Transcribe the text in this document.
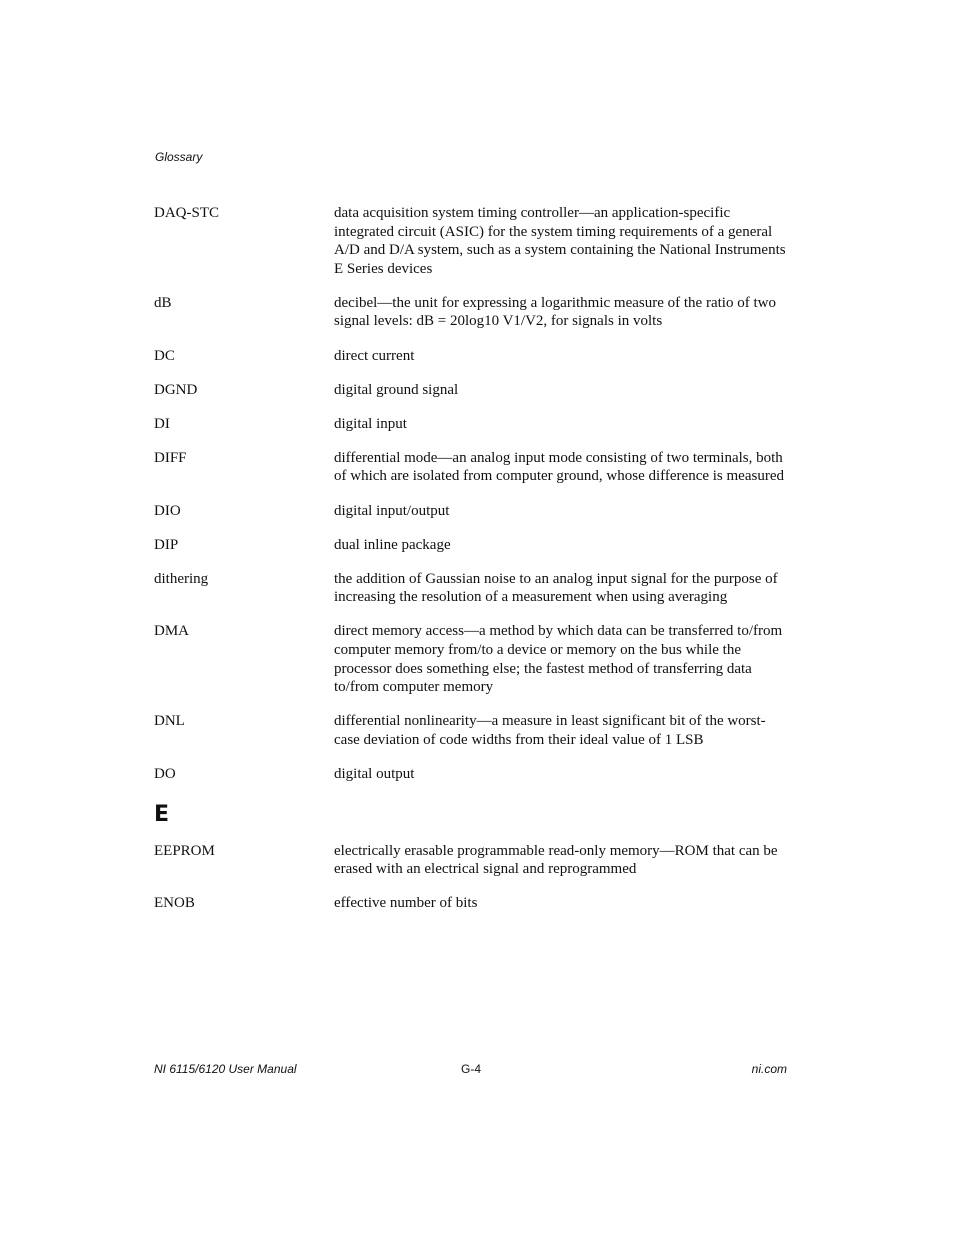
Glossary
DAQ-STC	data acquisition system timing controller—an application-specific integrated circuit (ASIC) for the system timing requirements of a general A/D and D/A system, such as a system containing the National Instruments E Series devices
dB	decibel—the unit for expressing a logarithmic measure of the ratio of two signal levels: dB = 20log10 V1/V2, for signals in volts
DC	direct current
DGND	digital ground signal
DI	digital input
DIFF	differential mode—an analog input mode consisting of two terminals, both of which are isolated from computer ground, whose difference is measured
DIO	digital input/output
DIP	dual inline package
dithering	the addition of Gaussian noise to an analog input signal for the purpose of increasing the resolution of a measurement when using averaging
DMA	direct memory access—a method by which data can be transferred to/from computer memory from/to a device or memory on the bus while the processor does something else; the fastest method of transferring data to/from computer memory
DNL	differential nonlinearity—a measure in least significant bit of the worst-case deviation of code widths from their ideal value of 1 LSB
DO	digital output
E
EEPROM	electrically erasable programmable read-only memory—ROM that can be erased with an electrical signal and reprogrammed
ENOB	effective number of bits
NI 6115/6120 User Manual	G-4	ni.com
